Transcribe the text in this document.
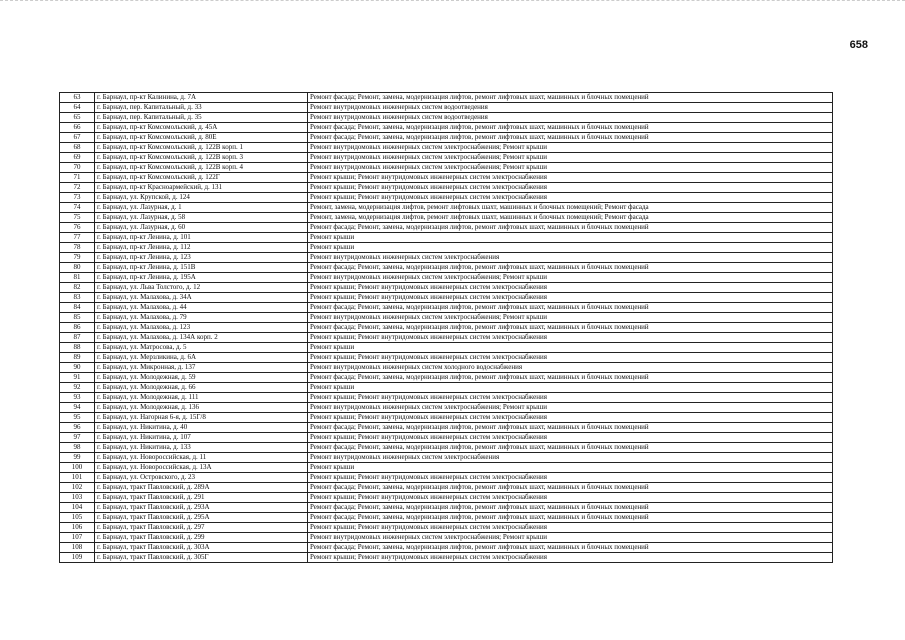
658
63	г. Барнаул, пр-кт Калинина, д. 7А	Ремонт фасада; Ремонт, замена, модернизация лифтов, ремонт лифтовых шахт, машинных и блочных помещений
64	г. Барнаул, пер. Капитальный, д. 33	Ремонт внутридомовых инженерных систем водоотведения
65	г. Барнаул, пер. Капитальный, д. 35	Ремонт внутридомовых инженерных систем водоотведения
66	г. Барнаул, пр-кт Комсомольский, д. 45А	Ремонт фасада; Ремонт, замена, модернизация лифтов, ремонт лифтовых шахт, машинных и блочных помещений
67	г. Барнаул, пр-кт Комсомольский, д. 80Е	Ремонт фасада; Ремонт, замена, модернизация лифтов, ремонт лифтовых шахт, машинных и блочных помещений
68	г. Барнаул, пр-кт Комсомольский, д. 122В корп. 1	Ремонт внутридомовых инженерных систем электроснабжения; Ремонт крыши
69	г. Барнаул, пр-кт Комсомольский, д. 122В корп. 3	Ремонт внутридомовых инженерных систем электроснабжения; Ремонт крыши
70	г. Барнаул, пр-кт Комсомольский, д. 122В корп. 4	Ремонт внутридомовых инженерных систем электроснабжения; Ремонт крыши
71	г. Барнаул, пр-кт Комсомольский, д. 122Г	Ремонт крыши; Ремонт внутридомовых инженерных систем электроснабжения
72	г. Барнаул, пр-кт Красноармейский, д. 131	Ремонт крыши; Ремонт внутридомовых инженерных систем электроснабжения
73	г. Барнаул, ул. Крупской, д. 124	Ремонт крыши; Ремонт внутридомовых инженерных систем электроснабжения
74	г. Барнаул, ул. Лазурная, д. 1	Ремонт, замена, модернизация лифтов, ремонт лифтовых шахт, машинных и блочных помещений; Ремонт фасада
75	г. Барнаул, ул. Лазурная, д. 58	Ремонт, замена, модернизация лифтов, ремонт лифтовых шахт, машинных и блочных помещений; Ремонт фасада
76	г. Барнаул, ул. Лазурная, д. 60	Ремонт фасада; Ремонт, замена, модернизация лифтов, ремонт лифтовых шахт, машинных и блочных помещений
77	г. Барнаул, пр-кт Ленина, д. 101	Ремонт крыши
78	г. Барнаул, пр-кт Ленина, д. 112	Ремонт крыши
79	г. Барнаул, пр-кт Ленина, д. 123	Ремонт внутридомовых инженерных систем электроснабжения
80	г. Барнаул, пр-кт Ленина, д. 151В	Ремонт фасада; Ремонт, замена, модернизация лифтов, ремонт лифтовых шахт, машинных и блочных помещений
81	г. Барнаул, пр-кт Ленина, д. 195А	Ремонт внутридомовых инженерных систем электроснабжения; Ремонт крыши
82	г. Барнаул, ул. Льва Толстого, д. 12	Ремонт крыши; Ремонт внутридомовых инженерных систем электроснабжения
83	г. Барнаул, ул. Малахова, д. 34А	Ремонт крыши; Ремонт внутридомовых инженерных систем электроснабжения
84	г. Барнаул, ул. Малахова, д. 44	Ремонт фасада; Ремонт, замена, модернизация лифтов, ремонт лифтовых шахт, машинных и блочных помещений
85	г. Барнаул, ул. Малахова, д. 79	Ремонт внутридомовых инженерных систем электроснабжения; Ремонт крыши
86	г. Барнаул, ул. Малахова, д. 123	Ремонт фасада; Ремонт, замена, модернизация лифтов, ремонт лифтовых шахт, машинных и блочных помещений
87	г. Барнаул, ул. Малахова, д. 134А корп. 2	Ремонт крыши; Ремонт внутридомовых инженерных систем электроснабжения
88	г. Барнаул, ул. Матросова, д. 5	Ремонт крыши
89	г. Барнаул, ул. Мерзликина, д. 6А	Ремонт крыши; Ремонт внутридомовых инженерных систем электроснабжения
90	г. Барнаул, ул. Микронная, д. 137	Ремонт внутридомовых инженерных систем холодного водоснабжения
91	г. Барнаул, ул. Молодежная, д. 59	Ремонт фасада; Ремонт, замена, модернизация лифтов, ремонт лифтовых шахт, машинных и блочных помещений
92	г. Барнаул, ул. Молодежная, д. 66	Ремонт крыши
93	г. Барнаул, ул. Молодежная, д. 111	Ремонт крыши; Ремонт внутридомовых инженерных систем электроснабжения
94	г. Барнаул, ул. Молодежная, д. 136	Ремонт внутридомовых инженерных систем электроснабжения; Ремонт крыши
95	г. Барнаул, ул. Нагорная 6-я, д. 15Г/8	Ремонт крыши; Ремонт внутридомовых инженерных систем электроснабжения
96	г. Барнаул, ул. Никитина, д. 40	Ремонт фасада; Ремонт, замена, модернизация лифтов, ремонт лифтовых шахт, машинных и блочных помещений
97	г. Барнаул, ул. Никитина, д. 107	Ремонт крыши; Ремонт внутридомовых инженерных систем электроснабжения
98	г. Барнаул, ул. Никитина, д. 133	Ремонт фасада; Ремонт, замена, модернизация лифтов, ремонт лифтовых шахт, машинных и блочных помещений
99	г. Барнаул, ул. Новороссийская, д. 11	Ремонт внутридомовых инженерных систем электроснабжения
100	г. Барнаул, ул. Новороссийская, д. 13А	Ремонт крыши
101	г. Барнаул, ул. Островского, д. 23	Ремонт крыши; Ремонт внутридомовых инженерных систем электроснабжения
102	г. Барнаул, тракт Павловский, д. 289А	Ремонт фасада; Ремонт, замена, модернизация лифтов, ремонт лифтовых шахт, машинных и блочных помещений
103	г. Барнаул, тракт Павловский, д. 291	Ремонт крыши; Ремонт внутридомовых инженерных систем электроснабжения
104	г. Барнаул, тракт Павловский, д. 293А	Ремонт фасада; Ремонт, замена, модернизация лифтов, ремонт лифтовых шахт, машинных и блочных помещений
105	г. Барнаул, тракт Павловский, д. 295А	Ремонт фасада; Ремонт, замена, модернизация лифтов, ремонт лифтовых шахт, машинных и блочных помещений
106	г. Барнаул, тракт Павловский, д. 297	Ремонт крыши; Ремонт внутридомовых инженерных систем электроснабжения
107	г. Барнаул, тракт Павловский, д. 299	Ремонт внутридомовых инженерных систем электроснабжения; Ремонт крыши
108	г. Барнаул, тракт Павловский, д. 303А	Ремонт фасада; Ремонт, замена, модернизация лифтов, ремонт лифтовых шахт, машинных и блочных помещений
109	г. Барнаул, тракт Павловский, д. 305Г	Ремонт крыши; Ремонт внутридомовых инженерных систем электроснабжения
